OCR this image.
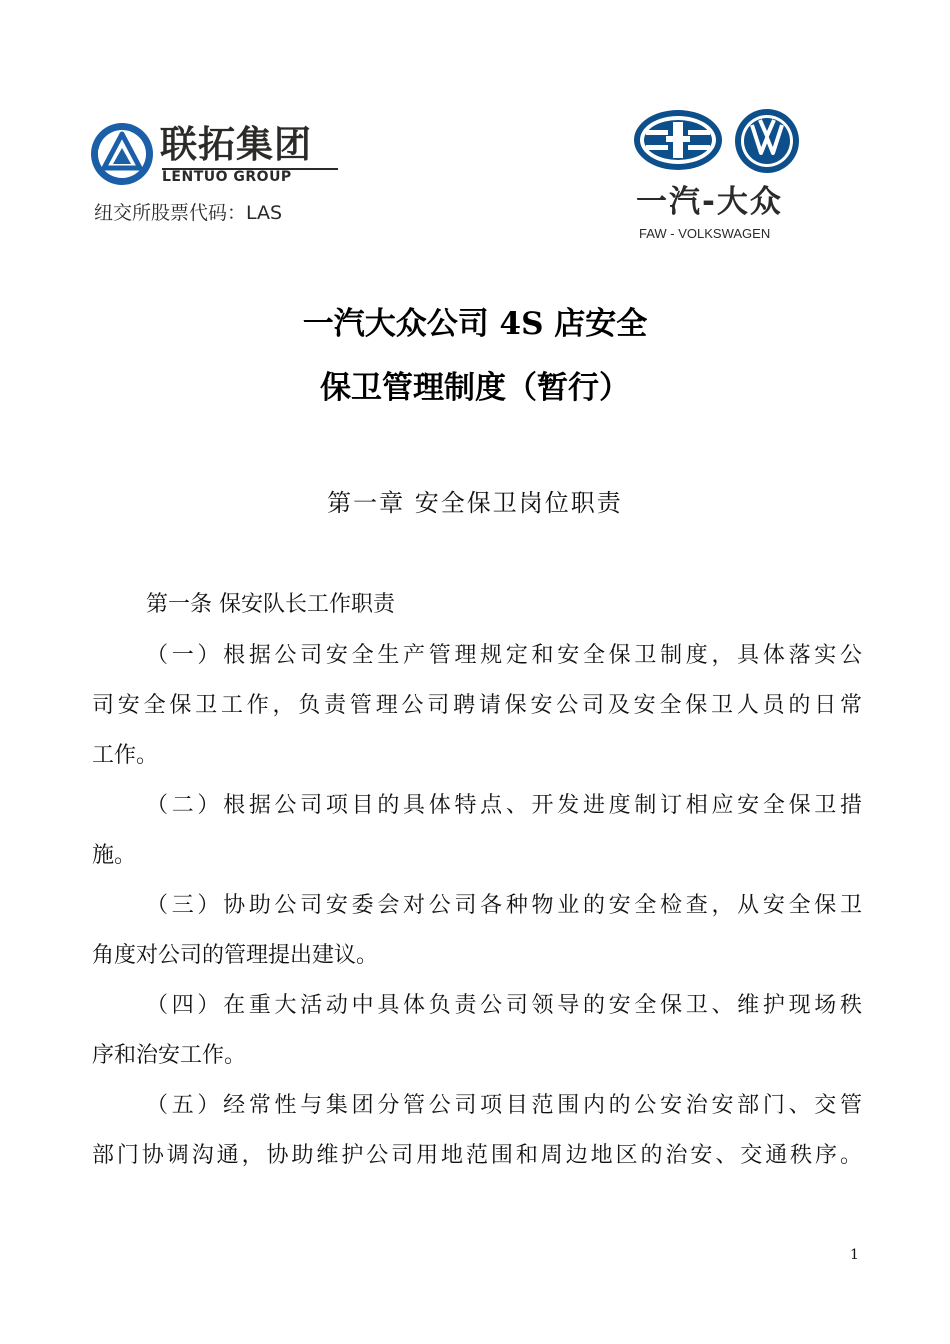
联拓集团
LENTUO GROUP
纽交所股票代码：LAS	一汽-大众
FAW - VOLKSWAGEN
一汽大众公司 4S 店安全
保卫管理制度（暂行）
第一章 安全保卫岗位职责
第一条 保安队长工作职责
（一）根据公司安全生产管理规定和安全保卫制度，具体落实公
司安全保卫工作，负责管理公司聘请保安公司及安全保卫人员的日常
工作。
（二）根据公司项目的具体特点、开发进度制订相应安全保卫措
施。
（三）协助公司安委会对公司各种物业的安全检查，从安全保卫
角度对公司的管理提出建议。
（四）在重大活动中具体负责公司领导的安全保卫、维护现场秩
序和治安工作。
（五）经常性与集团分管公司项目范围内的公安治安部门、交管
部门协调沟通，协助维护公司用地范围和周边地区的治安、交通秩序。
1
